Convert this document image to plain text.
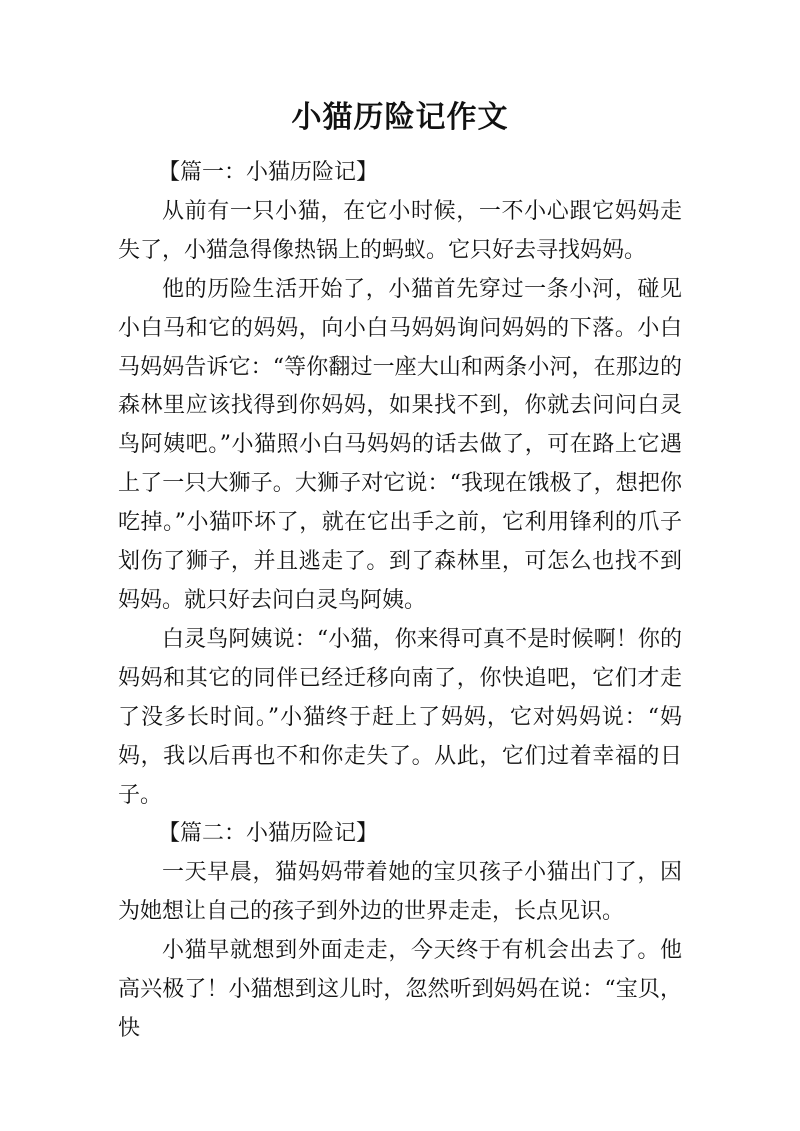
小猫历险记作文

【篇一：小猫历险记】

从前有一只小猫，在它小时候，一不小心跟它妈妈走失了，小猫急得像热锅上的蚂蚁。它只好去寻找妈妈。

他的历险生活开始了，小猫首先穿过一条小河，碰见小白马和它的妈妈，向小白马妈妈询问妈妈的下落。小白马妈妈告诉它：“等你翻过一座大山和两条小河，在那边的森林里应该找得到你妈妈，如果找不到，你就去问问白灵鸟阿姨吧。”小猫照小白马妈妈的话去做了，可在路上它遇上了一只大狮子。大狮子对它说：“我现在饿极了，想把你吃掉。”小猫吓坏了，就在它出手之前，它利用锋利的爪子划伤了狮子，并且逃走了。到了森林里，可怎么也找不到妈妈。就只好去问白灵鸟阿姨。

白灵鸟阿姨说：“小猫，你来得可真不是时候啊！你的妈妈和其它的同伴已经迁移向南了，你快追吧，它们才走了没多长时间。”小猫终于赶上了妈妈，它对妈妈说：“妈妈，我以后再也不和你走失了。从此，它们过着幸福的日子。

【篇二：小猫历险记】

一天早晨，猫妈妈带着她的宝贝孩子小猫出门了，因为她想让自己的孩子到外边的世界走走，长点见识。

小猫早就想到外面走走，今天终于有机会出去了。他高兴极了！小猫想到这儿时，忽然听到妈妈在说：“宝贝，快
